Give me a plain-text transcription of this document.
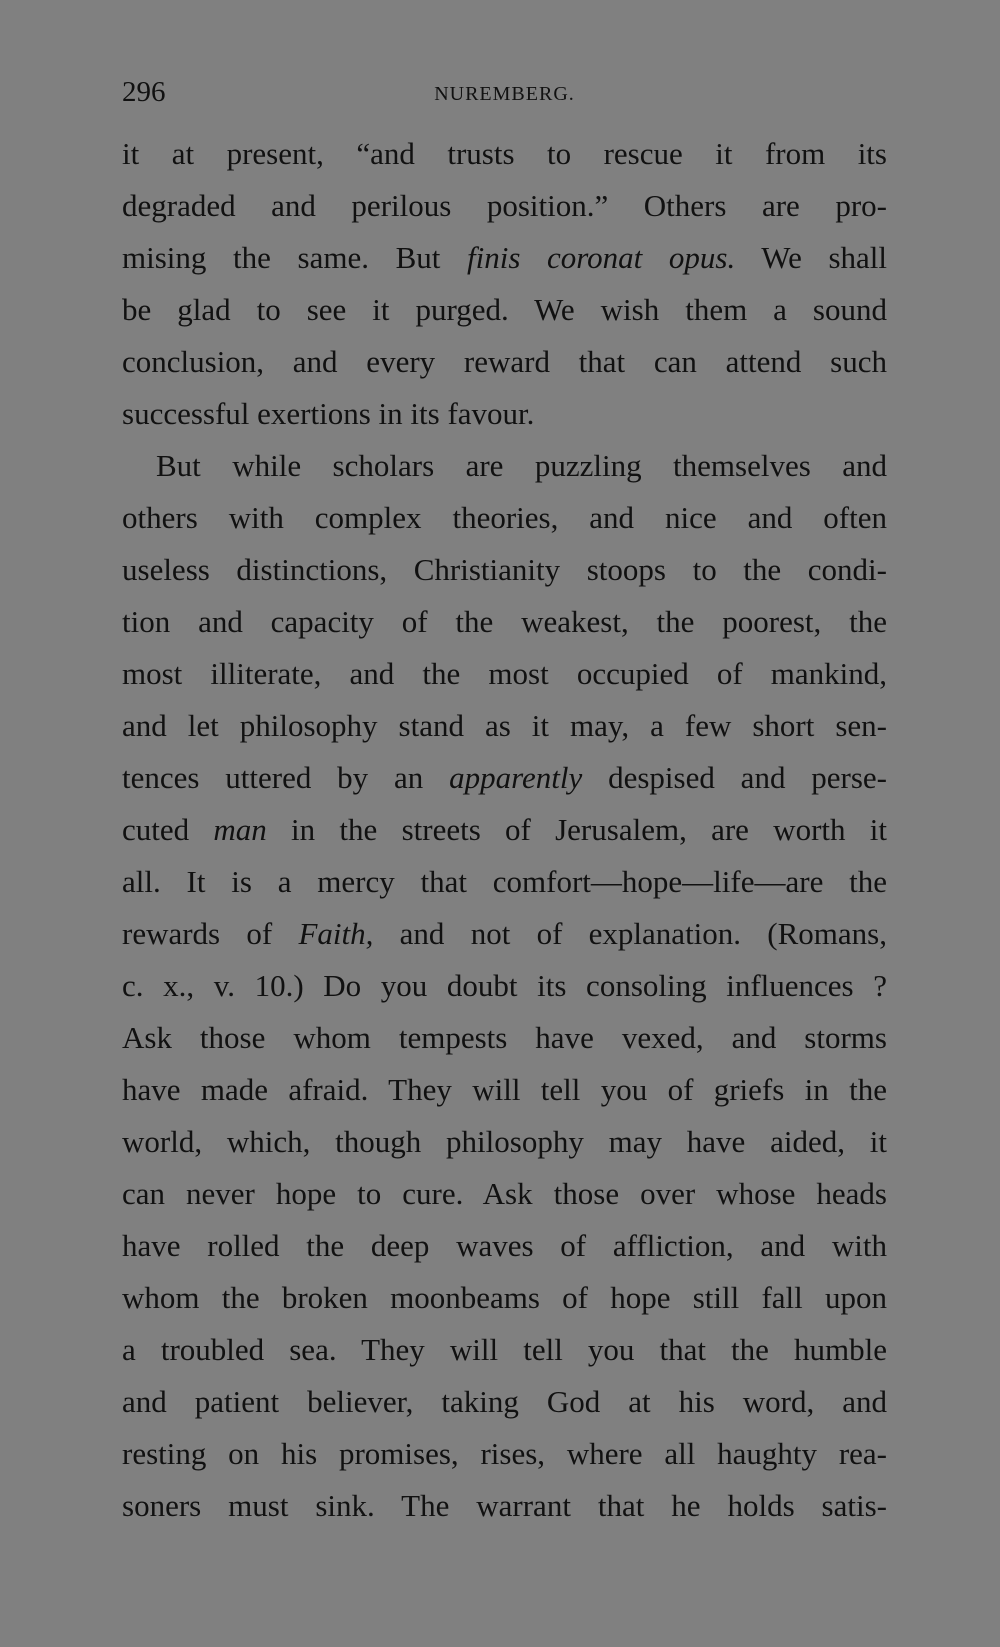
296	NUREMBERG.
it at present, “and trusts to rescue it from its
degraded and perilous position.” Others are pro-
mising the same. But finis coronat opus. We shall
be glad to see it purged. We wish them a sound
conclusion, and every reward that can attend such
successful exertions in its favour.
But while scholars are puzzling themselves and
others with complex theories, and nice and often
useless distinctions, Christianity stoops to the condi-
tion and capacity of the weakest, the poorest, the
most illiterate, and the most occupied of mankind,
and let philosophy stand as it may, a few short sen-
tences uttered by an apparently despised and perse-
cuted man in the streets of Jerusalem, are worth it
all. It is a mercy that comfort—hope—life—are the
rewards of Faith, and not of explanation. (Romans,
c. x., v. 10.) Do you doubt its consoling influences ?
Ask those whom tempests have vexed, and storms
have made afraid. They will tell you of griefs in the
world, which, though philosophy may have aided, it
can never hope to cure. Ask those over whose heads
have rolled the deep waves of affliction, and with
whom the broken moonbeams of hope still fall upon
a troubled sea. They will tell you that the humble
and patient believer, taking God at his word, and
resting on his promises, rises, where all haughty rea-
soners must sink. The warrant that he holds satis-
